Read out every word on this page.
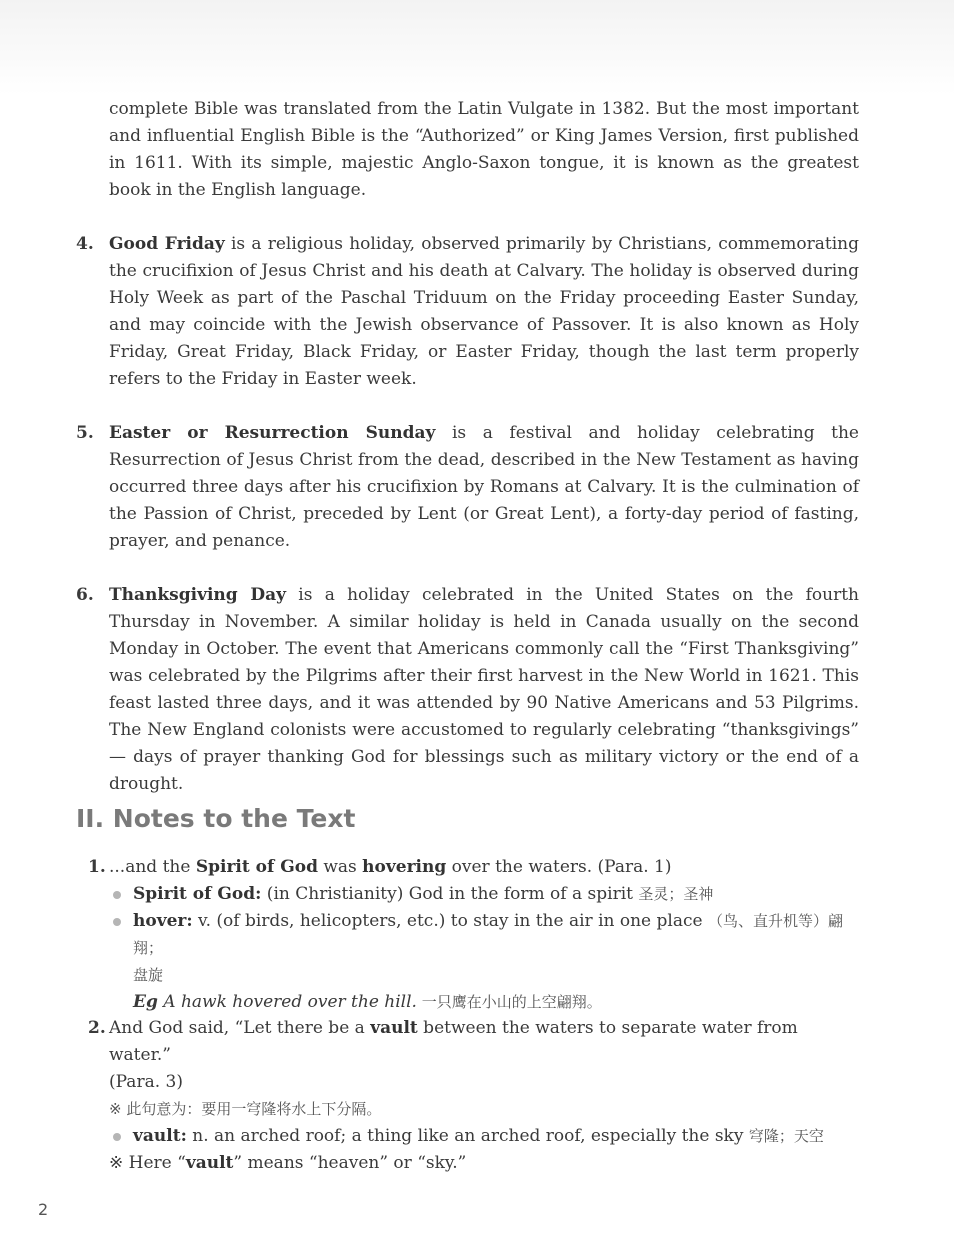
complete Bible was translated from the Latin Vulgate in 1382. But the most important and influential English Bible is the “Authorized” or King James Version, first published in 1611. With its simple, majestic Anglo-Saxon tongue, it is known as the greatest book in the English language.
4. Good Friday is a religious holiday, observed primarily by Christians, commemorating the crucifixion of Jesus Christ and his death at Calvary. The holiday is observed during Holy Week as part of the Paschal Triduum on the Friday proceeding Easter Sunday, and may coincide with the Jewish observance of Passover. It is also known as Holy Friday, Great Friday, Black Friday, or Easter Friday, though the last term properly refers to the Friday in Easter week.
5. Easter or Resurrection Sunday is a festival and holiday celebrating the Resurrection of Jesus Christ from the dead, described in the New Testament as having occurred three days after his crucifixion by Romans at Calvary. It is the culmination of the Passion of Christ, preceded by Lent (or Great Lent), a forty-day period of fasting, prayer, and penance.
6. Thanksgiving Day is a holiday celebrated in the United States on the fourth Thursday in November. A similar holiday is held in Canada usually on the second Monday in October. The event that Americans commonly call the “First Thanksgiving” was celebrated by the Pilgrims after their first harvest in the New World in 1621. This feast lasted three days, and it was attended by 90 Native Americans and 53 Pilgrims. The New England colonists were accustomed to regularly celebrating “thanksgivings” — days of prayer thanking God for blessings such as military victory or the end of a drought.
II. Notes to the Text
1. ...and the Spirit of God was hovering over the waters. (Para. 1)
Spirit of God: (in Christianity) God in the form of a spirit 圣灵；圣神
hover: v. (of birds, helicopters, etc.) to stay in the air in one place （鸟、直升机等）翩翔；
盘旋
Eg A hawk hovered over the hill. 一只鹰在小山的上空翩翔。
2. And God said, “Let there be a vault between the waters to separate water from water.”
(Para. 3)
※ 此句意为：要用一穹隆将水上下分隔。
vault: n. an arched roof; a thing like an arched roof, especially the sky 穹隆；天空
※ Here “vault” means “heaven” or “sky.”
2
